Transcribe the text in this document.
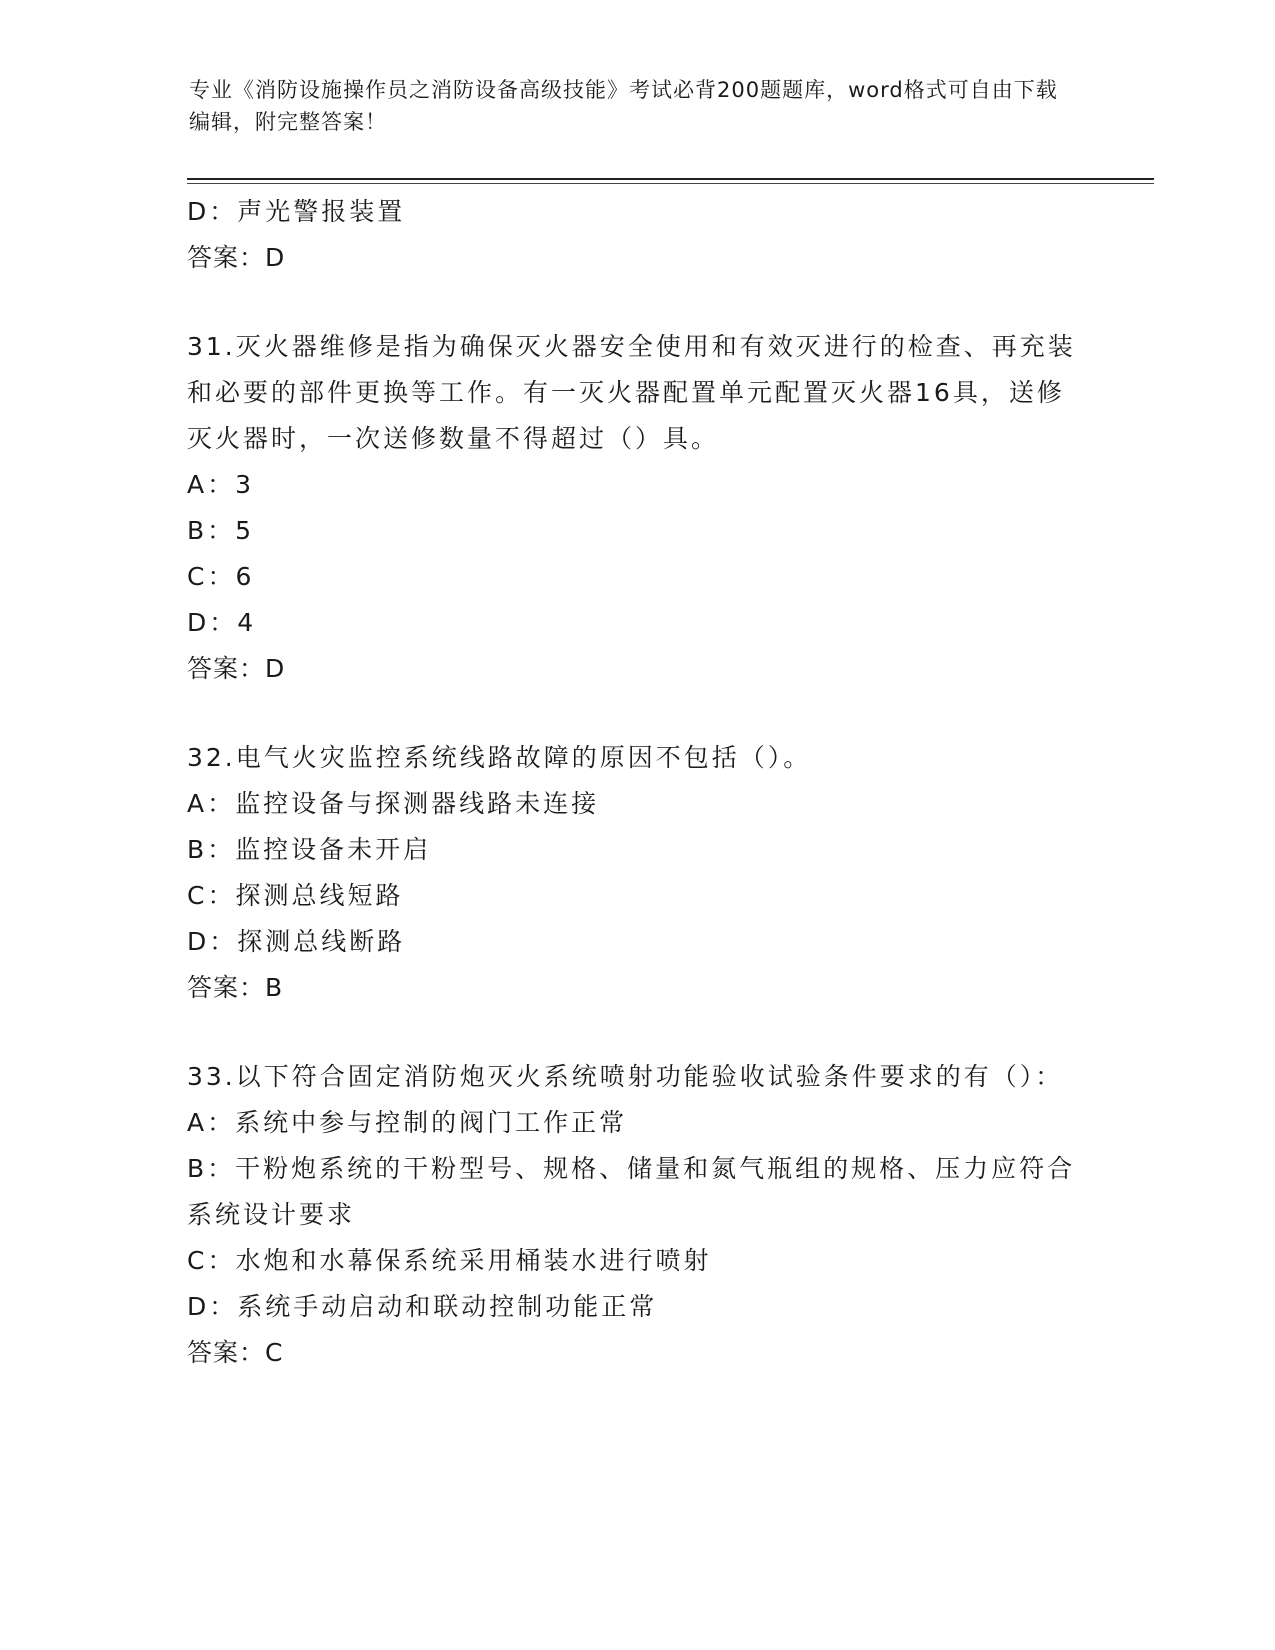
专业《消防设施操作员之消防设备高级技能》考试必背200题题库，word格式可自由下载编辑，附完整答案！
D：声光警报装置
答案：D
31.灭火器维修是指为确保灭火器安全使用和有效灭进行的检查、再充装和必要的部件更换等工作。有一灭火器配置单元配置灭火器16具，送修灭火器时，一次送修数量不得超过（）具。
A：3
B：5
C：6
D：4
答案：D
32.电气火灾监控系统线路故障的原因不包括（）。
A：监控设备与探测器线路未连接
B：监控设备未开启
C：探测总线短路
D：探测总线断路
答案：B
33.以下符合固定消防炮灭火系统喷射功能验收试验条件要求的有（）：
A：系统中参与控制的阀门工作正常
B：干粉炮系统的干粉型号、规格、储量和氮气瓶组的规格、压力应符合系统设计要求
C：水炮和水幕保系统采用桶装水进行喷射
D：系统手动启动和联动控制功能正常
答案：C
